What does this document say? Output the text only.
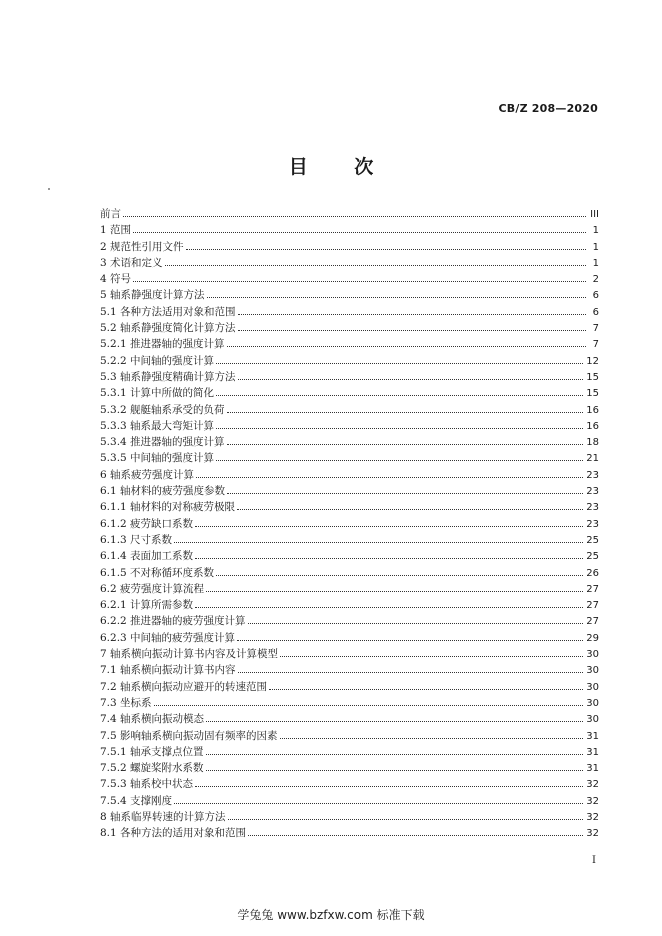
CB/Z 208—2020
目 次
前言	III
1 范围	1
2 规范性引用文件	1
3 术语和定义	1
4 符号	2
5 轴系静强度计算方法	6
5.1 各种方法适用对象和范围	6
5.2 轴系静强度简化计算方法	7
5.2.1 推进器轴的强度计算	7
5.2.2 中间轴的强度计算	12
5.3 轴系静强度精确计算方法	15
5.3.1 计算中所做的简化	15
5.3.2 舰艇轴系承受的负荷	16
5.3.3 轴系最大弯矩计算	16
5.3.4 推进器轴的强度计算	18
5.3.5 中间轴的强度计算	21
6 轴系疲劳强度计算	23
6.1 轴材料的疲劳强度参数	23
6.1.1 轴材料的对称疲劳极限	23
6.1.2 疲劳缺口系数	23
6.1.3 尺寸系数	25
6.1.4 表面加工系数	25
6.1.5 不对称循环度系数	26
6.2 疲劳强度计算流程	27
6.2.1 计算所需参数	27
6.2.2 推进器轴的疲劳强度计算	27
6.2.3 中间轴的疲劳强度计算	29
7 轴系横向振动计算书内容及计算模型	30
7.1 轴系横向振动计算书内容	30
7.2 轴系横向振动应避开的转速范围	30
7.3 坐标系	30
7.4 轴系横向振动模态	30
7.5 影响轴系横向振动固有频率的因素	31
7.5.1 轴承支撑点位置	31
7.5.2 螺旋桨附水系数	31
7.5.3 轴系校中状态	32
7.5.4 支撑刚度	32
8 轴系临界转速的计算方法	32
8.1 各种方法的适用对象和范围	32
I
学兔兔 www.bzfxw.com 标准下载
